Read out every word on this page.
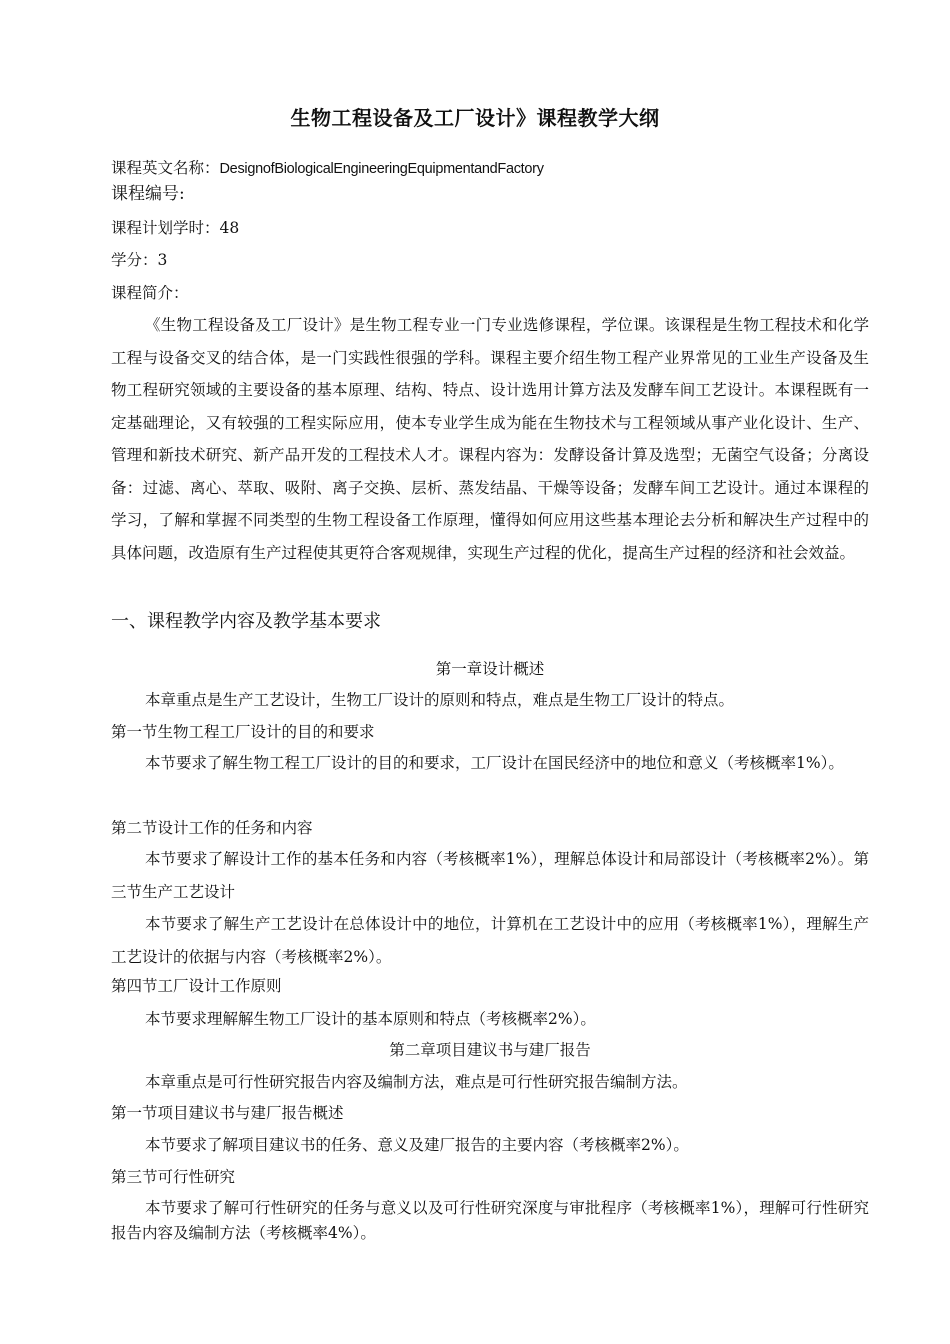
生物工程设备及工厂设计》课程教学大纲
课程英文名称：DesignofBiologicalEngineeringEquipmentandFactory
课程编号:
课程计划学时：48
学分：3
课程简介：
《生物工程设备及工厂设计》是生物工程专业一门专业选修课程，学位课。该课程是生物工程技术和化学工程与设备交叉的结合体，是一门实践性很强的学科。课程主要介绍生物工程产业界常见的工业生产设备及生物工程研究领域的主要设备的基本原理、结构、特点、设计选用计算方法及发酵车间工艺设计。本课程既有一定基础理论，又有较强的工程实际应用，使本专业学生成为能在生物技术与工程领域从事产业化设计、生产、管理和新技术研究、新产品开发的工程技术人才。课程内容为：发酵设备计算及选型；无菌空气设备；分离设备：过滤、离心、萃取、吸附、离子交换、层析、蒸发结晶、干燥等设备；发酵车间工艺设计。通过本课程的学习，了解和掌握不同类型的生物工程设备工作原理，懂得如何应用这些基本理论去分析和解决生产过程中的具体问题，改造原有生产过程使其更符合客观规律，实现生产过程的优化，提高生产过程的经济和社会效益。
一、课程教学内容及教学基本要求
第一章设计概述
本章重点是生产工艺设计，生物工厂设计的原则和特点，难点是生物工厂设计的特点。
第一节生物工程工厂设计的目的和要求
本节要求了解生物工程工厂设计的目的和要求，工厂设计在国民经济中的地位和意义（考核概率1%）。
第二节设计工作的任务和内容
本节要求了解设计工作的基本任务和内容（考核概率1%），理解总体设计和局部设计（考核概率2%）。第三节生产工艺设计
本节要求了解生产工艺设计在总体设计中的地位，计算机在工艺设计中的应用（考核概率1%），理解生产工艺设计的依据与内容（考核概率2%）。
第四节工厂设计工作原则
本节要求理解解生物工厂设计的基本原则和特点（考核概率2%）。
第二章项目建议书与建厂报告
本章重点是可行性研究报告内容及编制方法，难点是可行性研究报告编制方法。
第一节项目建议书与建厂报告概述
本节要求了解项目建议书的任务、意义及建厂报告的主要内容（考核概率2%）。
第三节可行性研究
本节要求了解可行性研究的任务与意义以及可行性研究深度与审批程序（考核概率1%），理解可行性研究报告内容及编制方法（考核概率4%）。
